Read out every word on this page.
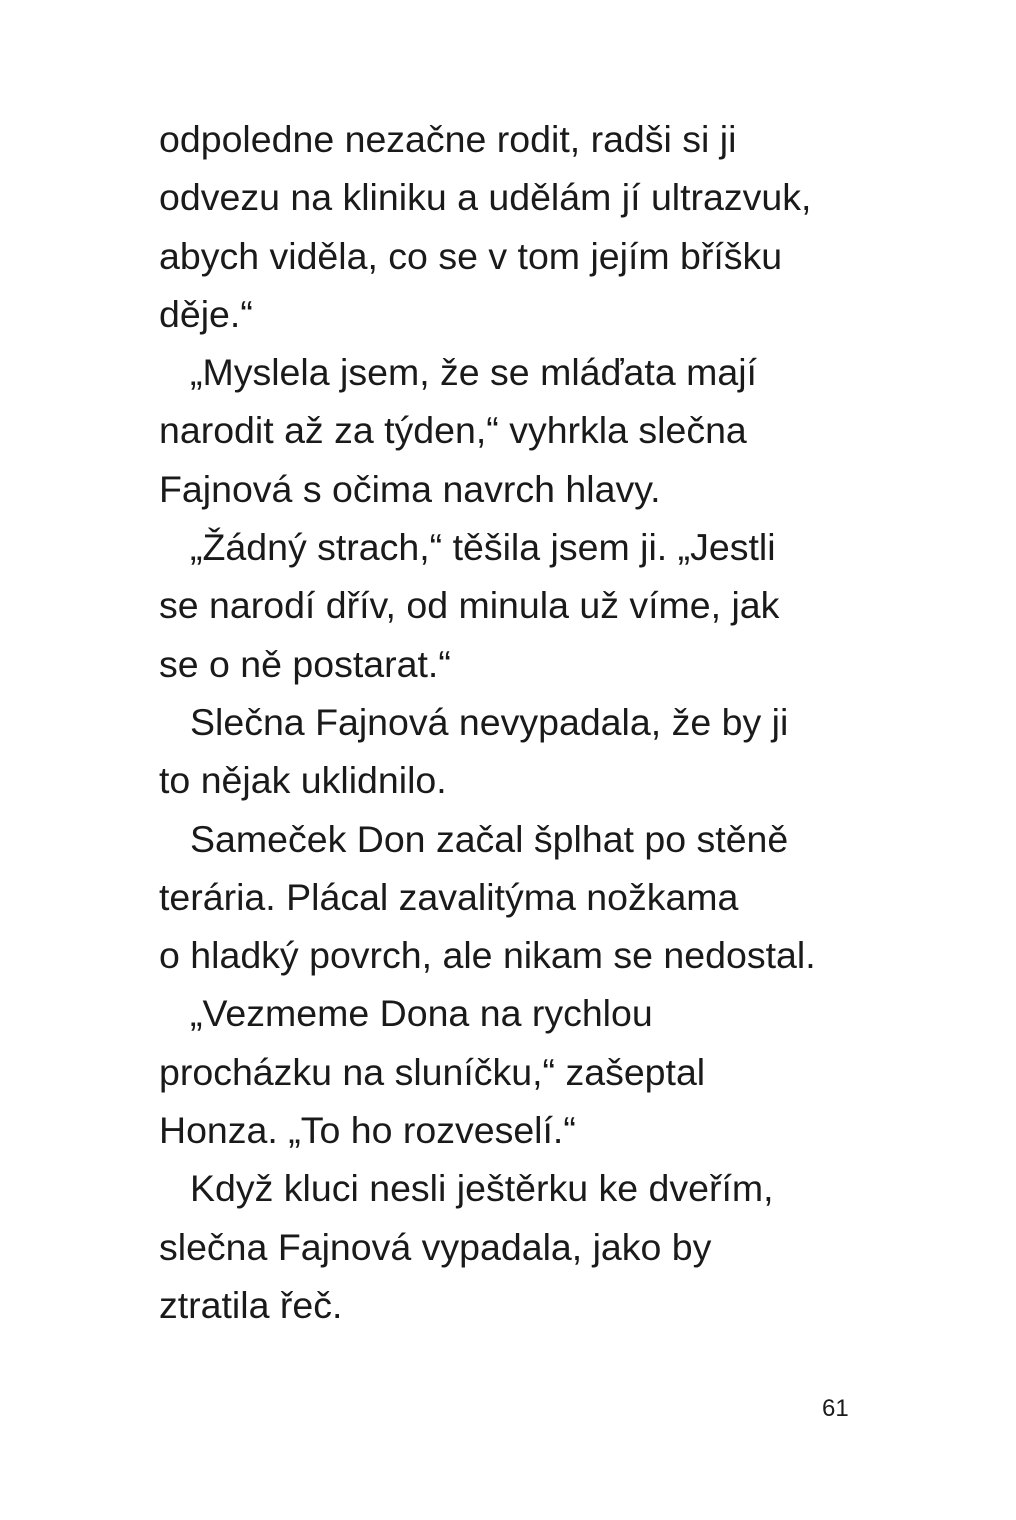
odpoledne nezačne rodit, radši si ji
odvezu na kliniku a udělám jí ultrazvuk,
abych viděla, co se v tom jejím bříšku
děje.“
„Myslela jsem, že se mláďata mají
narodit až za týden,“ vyhrkla slečna
Fajnová s očima navrch hlavy.
„Žádný strach,“ těšila jsem ji. „Jestli
se narodí dřív, od minula už víme, jak
se o ně postarat.“
Slečna Fajnová nevypadala, že by ji
to nějak uklidnilo.
Sameček Don začal šplhat po stěně
terária. Plácal zavalitýma nožkama
o hladký povrch, ale nikam se nedostal.
„Vezmeme Dona na rychlou
procházku na sluníčku,“ zašeptal
Honza. „To ho rozveselí.“
Když kluci nesli ještěrku ke dveřím,
slečna Fajnová vypadala, jako by
ztratila řeč.
61
